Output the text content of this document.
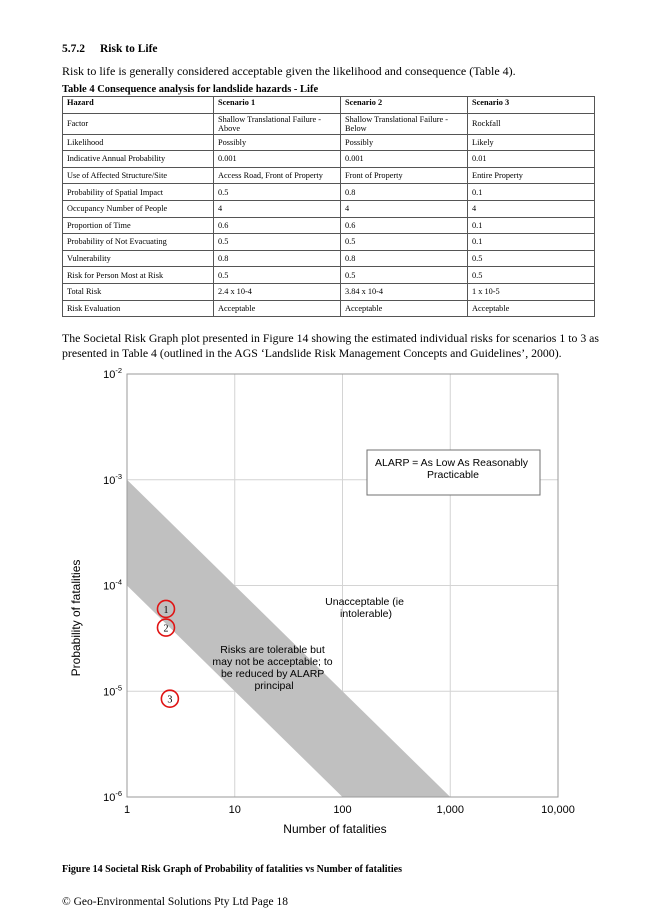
5.7.2 Risk to Life
Risk to life is generally considered acceptable given the likelihood and consequence (Table 4).
Table 4 Consequence analysis for landslide hazards - Life
Hazard	Scenario 1	Scenario 2	Scenario 3
Factor	Shallow Translational Failure - Above	Shallow Translational Failure - Below	Rockfall
Likelihood	Possibly	Possibly	Likely
Indicative Annual Probability	0.001	0.001	0.01
Use of Affected Structure/Site	Access Road, Front of Property	Front of Property	Entire Property
Probability of Spatial Impact	0.5	0.8	0.1
Occupancy Number of People	4	4	4
Proportion of Time	0.6	0.6	0.1
Probability of Not Evacuating	0.5	0.5	0.1
Vulnerability	0.8	0.8	0.5
Risk for Person Most at Risk	0.5	0.5	0.5
Total Risk	2.4 x 10-4	3.84 x 10-4	1 x 10-5
Risk Evaluation	Acceptable	Acceptable	Acceptable
The Societal Risk Graph plot presented in Figure 14 showing the estimated individual risks for scenarios 1 to 3 as presented in Table 4 (outlined in the AGS ‘Landslide Risk Management Concepts and Guidelines’, 2000).
$10^{-6}$
$10^{-5}$
$10^{-4}$
$10^{-3}$
$10^{-2}$
1	10	100	1,000	10,000
Number of fatalities
Probability of fatalities
ALARP = As Low As Reasonably Practicable
Unacceptable (ie intolerable)
Risks are tolerable but may not be acceptable; to be reduced by ALARP principal
1
2
3
Figure 14 Societal Risk Graph of Probability of fatalities vs Number of fatalities
© Geo-Environmental Solutions Pty Ltd Page 18
